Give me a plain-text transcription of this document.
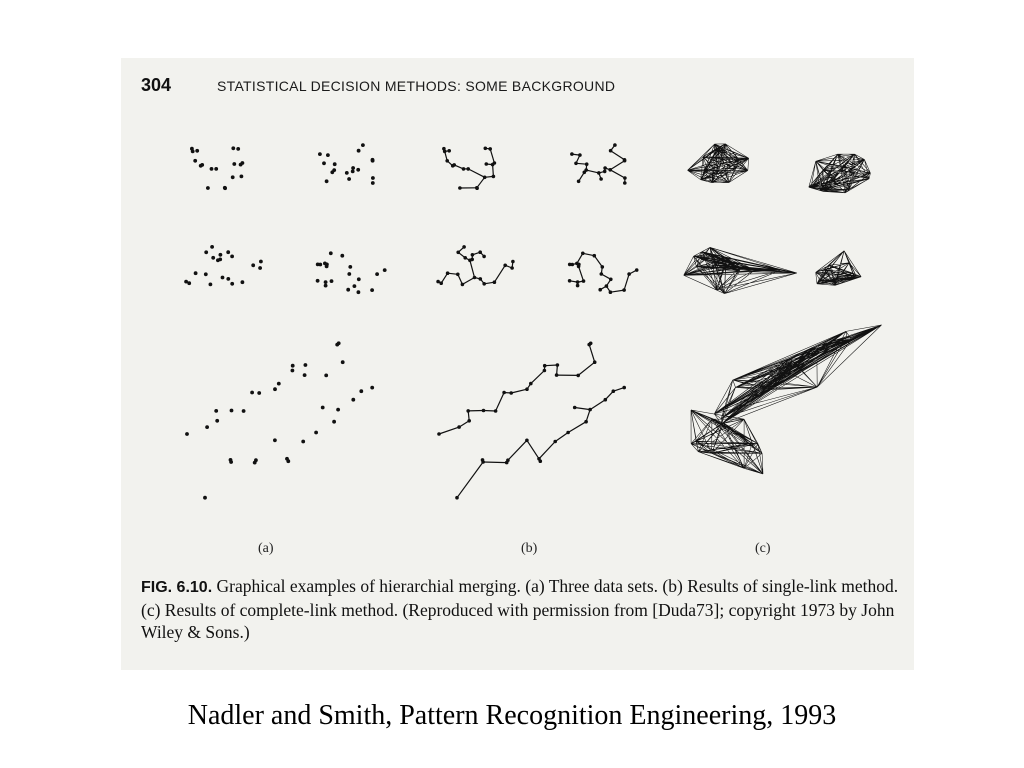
304	STATISTICAL DECISION METHODS: SOME BACKGROUND
(a)	(b)	(c)
FIG. 6.10. Graphical examples of hierarchial merging. (a) Three data sets. (b) Results of single-link method. (c) Results of complete-link method. (Reproduced with permission from [Duda73]; copyright 1973 by John Wiley & Sons.)
Nadler and Smith, Pattern Recognition Engineering, 1993
